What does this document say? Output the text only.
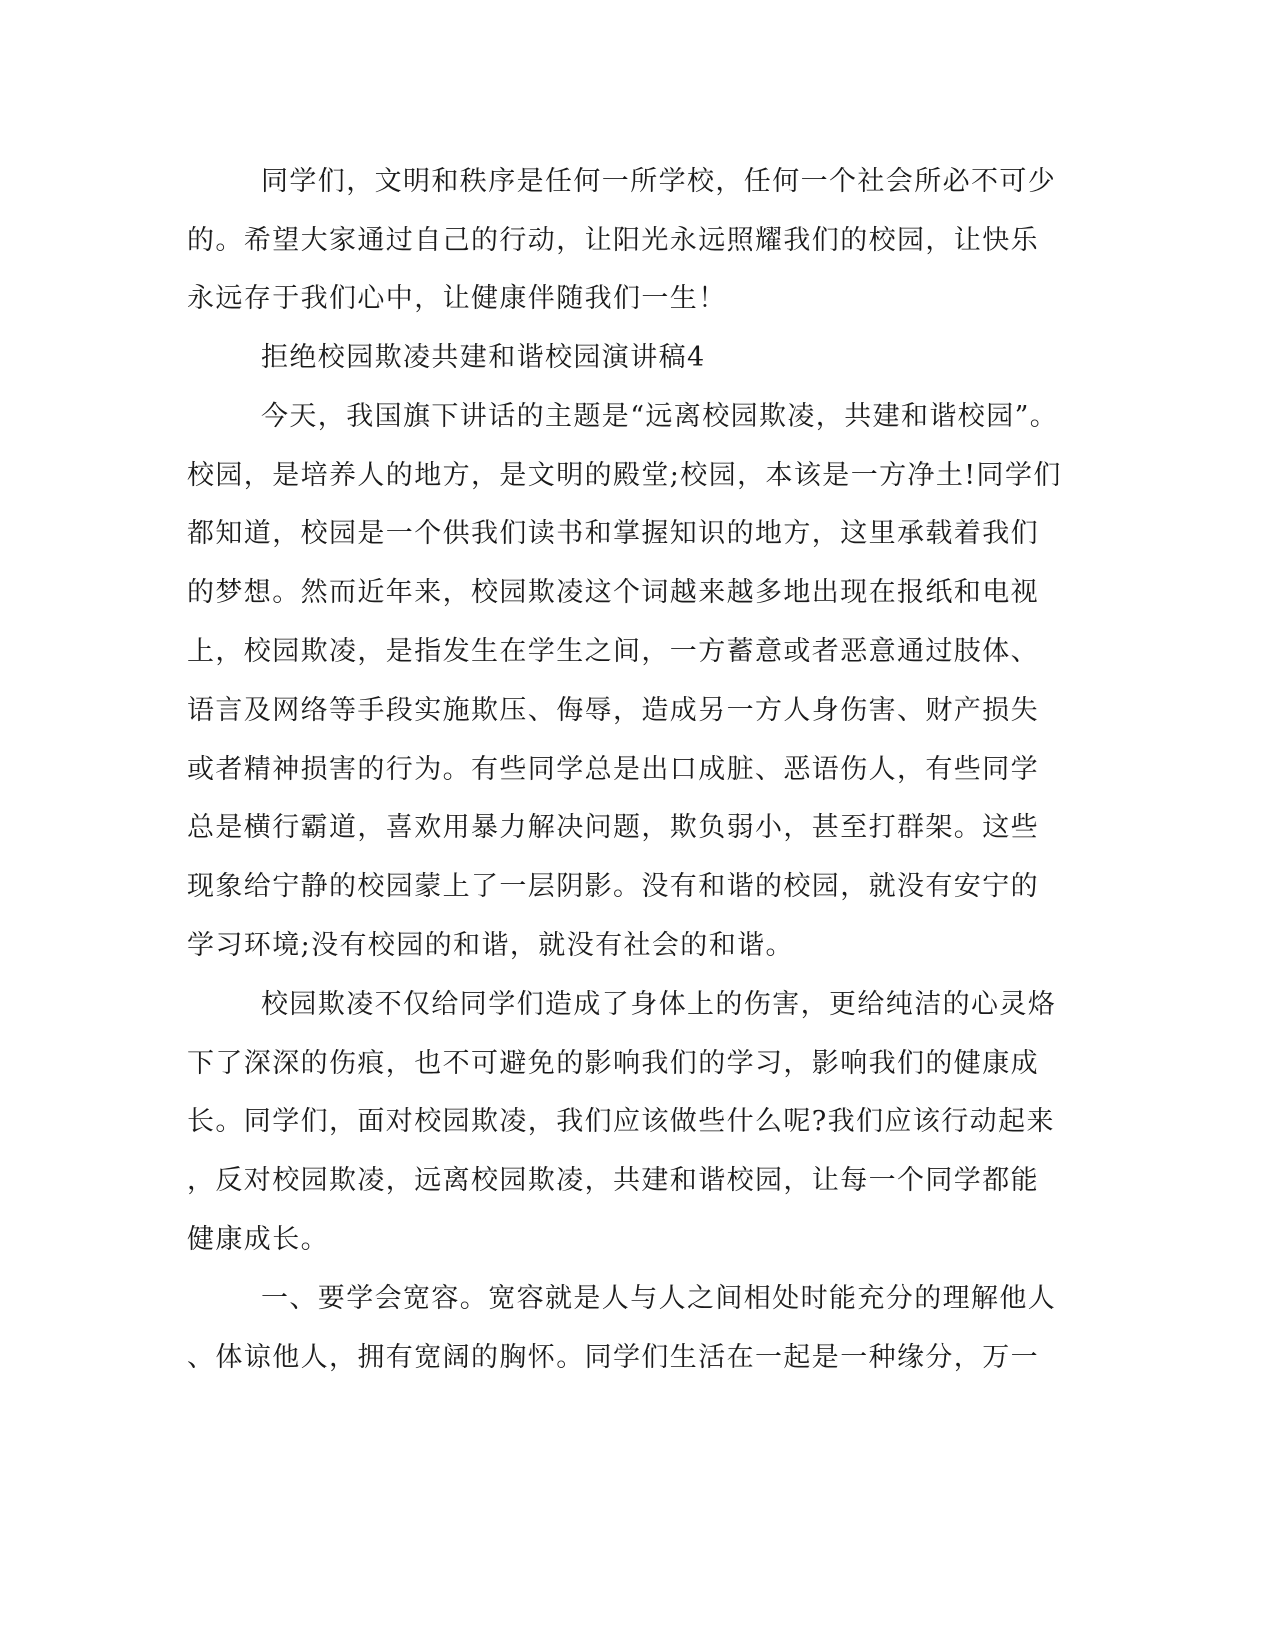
同学们，文明和秩序是任何一所学校，任何一个社会所必不可少
的。希望大家通过自己的行动，让阳光永远照耀我们的校园，让快乐
永远存于我们心中，让健康伴随我们一生！
拒绝校园欺凌共建和谐校园演讲稿4
今天，我国旗下讲话的主题是“远离校园欺凌，共建和谐校园”。
校园，是培养人的地方，是文明的殿堂;校园，本该是一方净土!同学们
都知道，校园是一个供我们读书和掌握知识的地方，这里承载着我们
的梦想。然而近年来，校园欺凌这个词越来越多地出现在报纸和电视
上，校园欺凌，是指发生在学生之间，一方蓄意或者恶意通过肢体、
语言及网络等手段实施欺压、侮辱，造成另一方人身伤害、财产损失
或者精神损害的行为。有些同学总是出口成脏、恶语伤人，有些同学
总是横行霸道，喜欢用暴力解决问题，欺负弱小，甚至打群架。这些
现象给宁静的校园蒙上了一层阴影。没有和谐的校园，就没有安宁的
学习环境;没有校园的和谐，就没有社会的和谐。
校园欺凌不仅给同学们造成了身体上的伤害，更给纯洁的心灵烙
下了深深的伤痕，也不可避免的影响我们的学习，影响我们的健康成
长。同学们，面对校园欺凌，我们应该做些什么呢?我们应该行动起来
，反对校园欺凌，远离校园欺凌，共建和谐校园，让每一个同学都能
健康成长。
一、要学会宽容。宽容就是人与人之间相处时能充分的理解他人
、体谅他人，拥有宽阔的胸怀。同学们生活在一起是一种缘分，万一
